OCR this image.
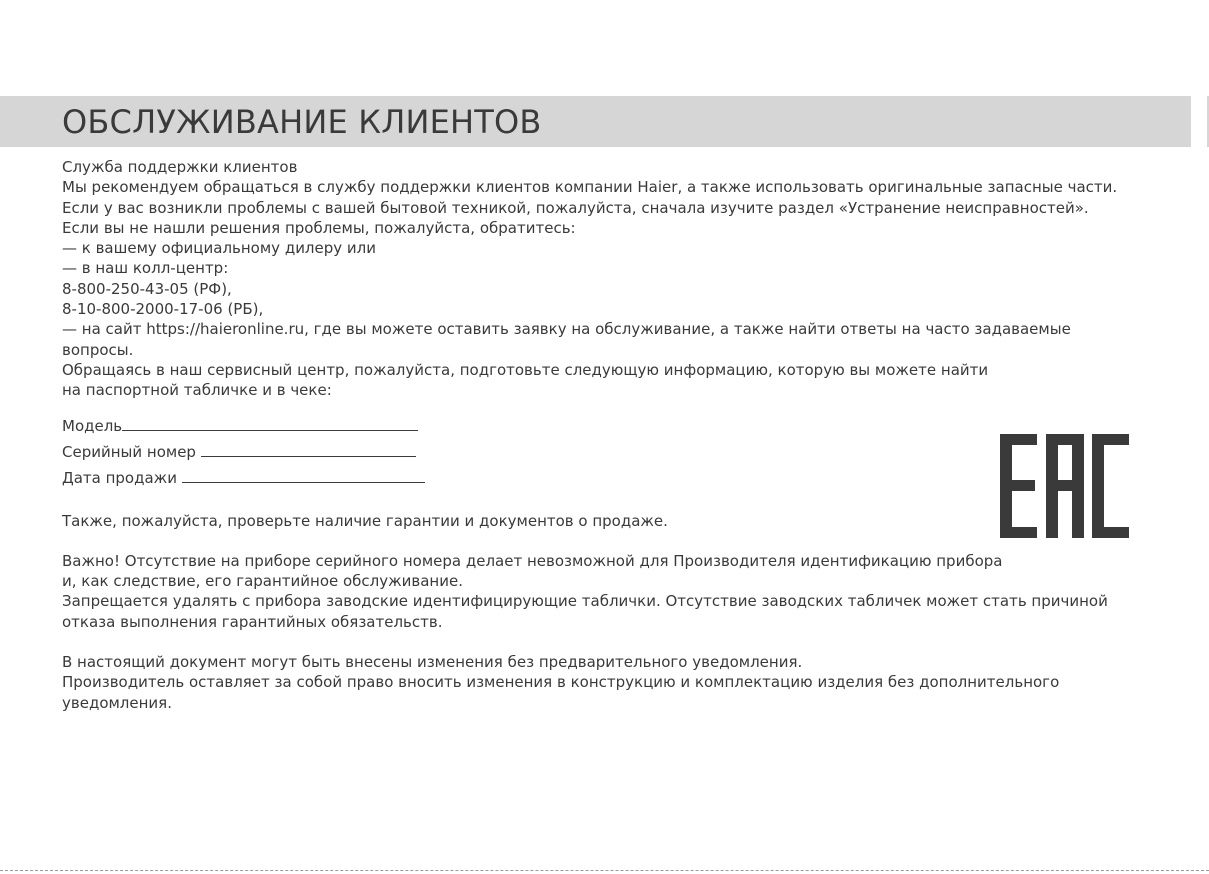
ОБСЛУЖИВАНИЕ КЛИЕНТОВ

Служба поддержки клиентов

Мы рекомендуем обращаться в службу поддержки клиентов компании Haier, а также использовать оригинальные запасные части. Если у вас возникли проблемы с вашей бытовой техникой, пожалуйста, сначала изучите раздел «Устранение неисправностей».

Если вы не нашли решения проблемы, пожалуйста, обратитесь:

— к вашему официальному дилеру или

— в наш колл-центр:

8-800-250-43-05 (РФ),

8-10-800-2000-17-06 (РБ),

— на сайт https://haieronline.ru, где вы можете оставить заявку на обслуживание, а также найти ответы на часто задаваемые вопросы.

Обращаясь в наш сервисный центр, пожалуйста, подготовьте следующую информацию, которую вы можете найти

на паспортной табличке и в чеке:

Модель
Серийный номер
Дата продажи

Также, пожалуйста, проверьте наличие гарантии и документов о продаже.

Важно! Отсутствие на приборе серийного номера делает невозможной для Производителя идентификацию прибора

и, как следствие, его гарантийное обслуживание.

Запрещается удалять с прибора заводские идентифицирующие таблички. Отсутствие заводских табличек может стать причиной отказа выполнения гарантийных обязательств.

В настоящий документ могут быть внесены изменения без предварительного уведомления.

Производитель оставляет за собой право вносить изменения в конструкцию и комплектацию изделия без дополнительного уведомления.
